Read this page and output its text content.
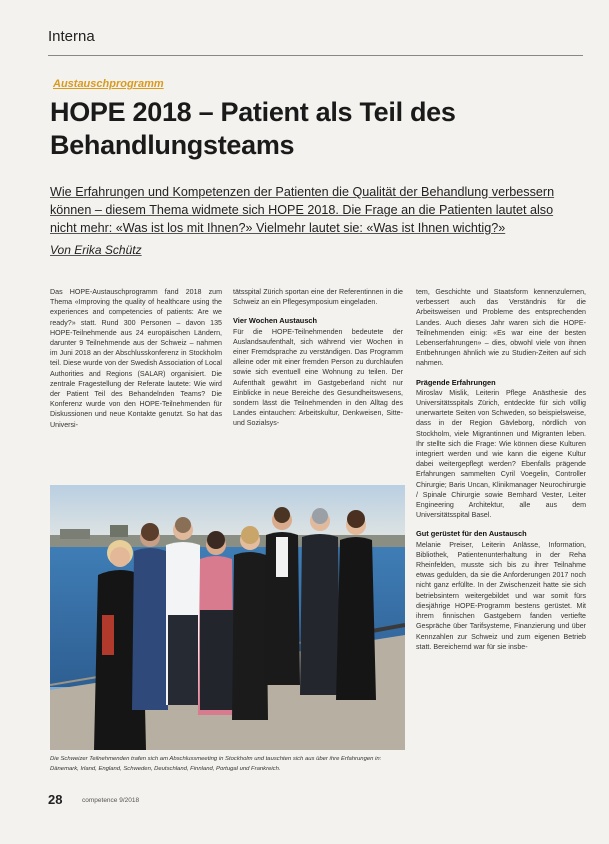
Interna
Austauschprogramm
HOPE 2018 – Patient als Teil des Behandlungsteams
Wie Erfahrungen und Kompetenzen der Patienten die Qualität der Behandlung verbessern
können – diesem Thema widmete sich HOPE 2018. Die Frage an die Patienten lautet also
nicht mehr: «Was ist los mit Ihnen?» Vielmehr lautet sie: «Was ist Ihnen wichtig?»
Von Erika Schütz

Das HOPE-Austauschprogramm fand 2018 zum Thema «Improving the quality of healthcare using the experiences and competencies of patients: Are we ready?» statt. Rund 300 Personen – davon 135 HOPE-Teilnehmende aus 24 europäischen Ländern, darunter 9 Teilnehmende aus der Schweiz – nahmen im Juni 2018 an der Abschlusskonferenz in Stockholm teil. Diese wurde von der Swedish Association of Local Authorities and Regions (SALAR) organisiert. Die zentrale Fragestellung der Referate lautete: Wie wird der Patient Teil des Behandelnden Teams? Die Konferenz wurde von den HOPE-Teilnehmenden für Diskussionen und neue Kontakte genutzt. So hat das Universi-

tätsspital Zürich sportan eine der Referentinnen in die Schweiz an ein Pflegesymposium eingeladen.

Vier Wochen Austausch

Für die HOPE-Teilnehmenden bedeutete der Auslandsaufenthalt, sich während vier Wochen in einer Fremdsprache zu verständigen. Das Programm alleine oder mit einer fremden Person zu durchlaufen sowie sich eventuell eine Wohnung zu teilen. Der Aufenthalt gewährt im Gastgeberland nicht nur Einblicke in neue Bereiche des Gesundheitswesens, sondern lässt die Teilnehmenden in den Alltag des Landes eintauchen: Arbeitskultur, Denkweisen, Sitte- und Sozialsys-

tem, Geschichte und Staatsform kennenzulernen, verbessert auch das Verständnis für die Arbeitsweisen und Probleme des entsprechenden Landes. Auch dieses Jahr waren sich die HOPE-Teilnehmenden einig: «Es war eine der besten Lebenserfahrungen» – dies, obwohl viele von ihnen Entbehrungen ähnlich wie zu Studien-Zeiten auf sich nahmen.

Prägende Erfahrungen

Miroslav Mislik, Leiterin Pflege Anästhesie des Universitätsspitals Zürich, entdeckte für sich völlig unerwartete Seiten von Schweden, so beispielsweise, dass in der Region Gävleborg, nördlich von Stockholm, viele Migrantinnen und Migranten leben. Ihr stellte sich die Frage: Wie können diese Kulturen integriert werden und wie kann die eigene Kultur dabei weitergepflegt werden? Ebenfalls prägende Erfahrungen sammelten Cyril Voegelin, Controller Chirurgie; Baris Uncan, Klinikmanager Neurochirurgie / Spinale Chirurgie sowie Bernhard Vester, Leiter Engineering Architektur, alle aus dem Universitätsspital Basel.

Gut gerüstet für den Austausch

Melanie Preiser, Leiterin Anlässe, Information, Bibliothek, Patientenunterhaltung in der Reha Rheinfelden, musste sich bis zu ihrer Teilnahme etwas gedulden, da sie die Anforderungen 2017 noch nicht ganz erfüllte. In der Zwischenzeit hatte sie sich betriebsintern weitergebildet und war somit fürs diesjährige HOPE-Programm bestens gerüstet. Mit ihrem finnischen Gastgebern fanden vertiefte Gespräche über Tarifsysteme, Finanzierung und über Kennzahlen zur Schweiz und zum eigenen Betrieb statt. Bereichernd war für sie insbe-

Die Schweizer Teilnehmenden trafen sich am Abschlussmeeting in Stockholm und tauschten sich aus über ihre Erfahrungen in: Dänemark, Irland, England, Schweden, Deutschland, Finnland, Portugal und Frankreich.
28	competence 9/2018
